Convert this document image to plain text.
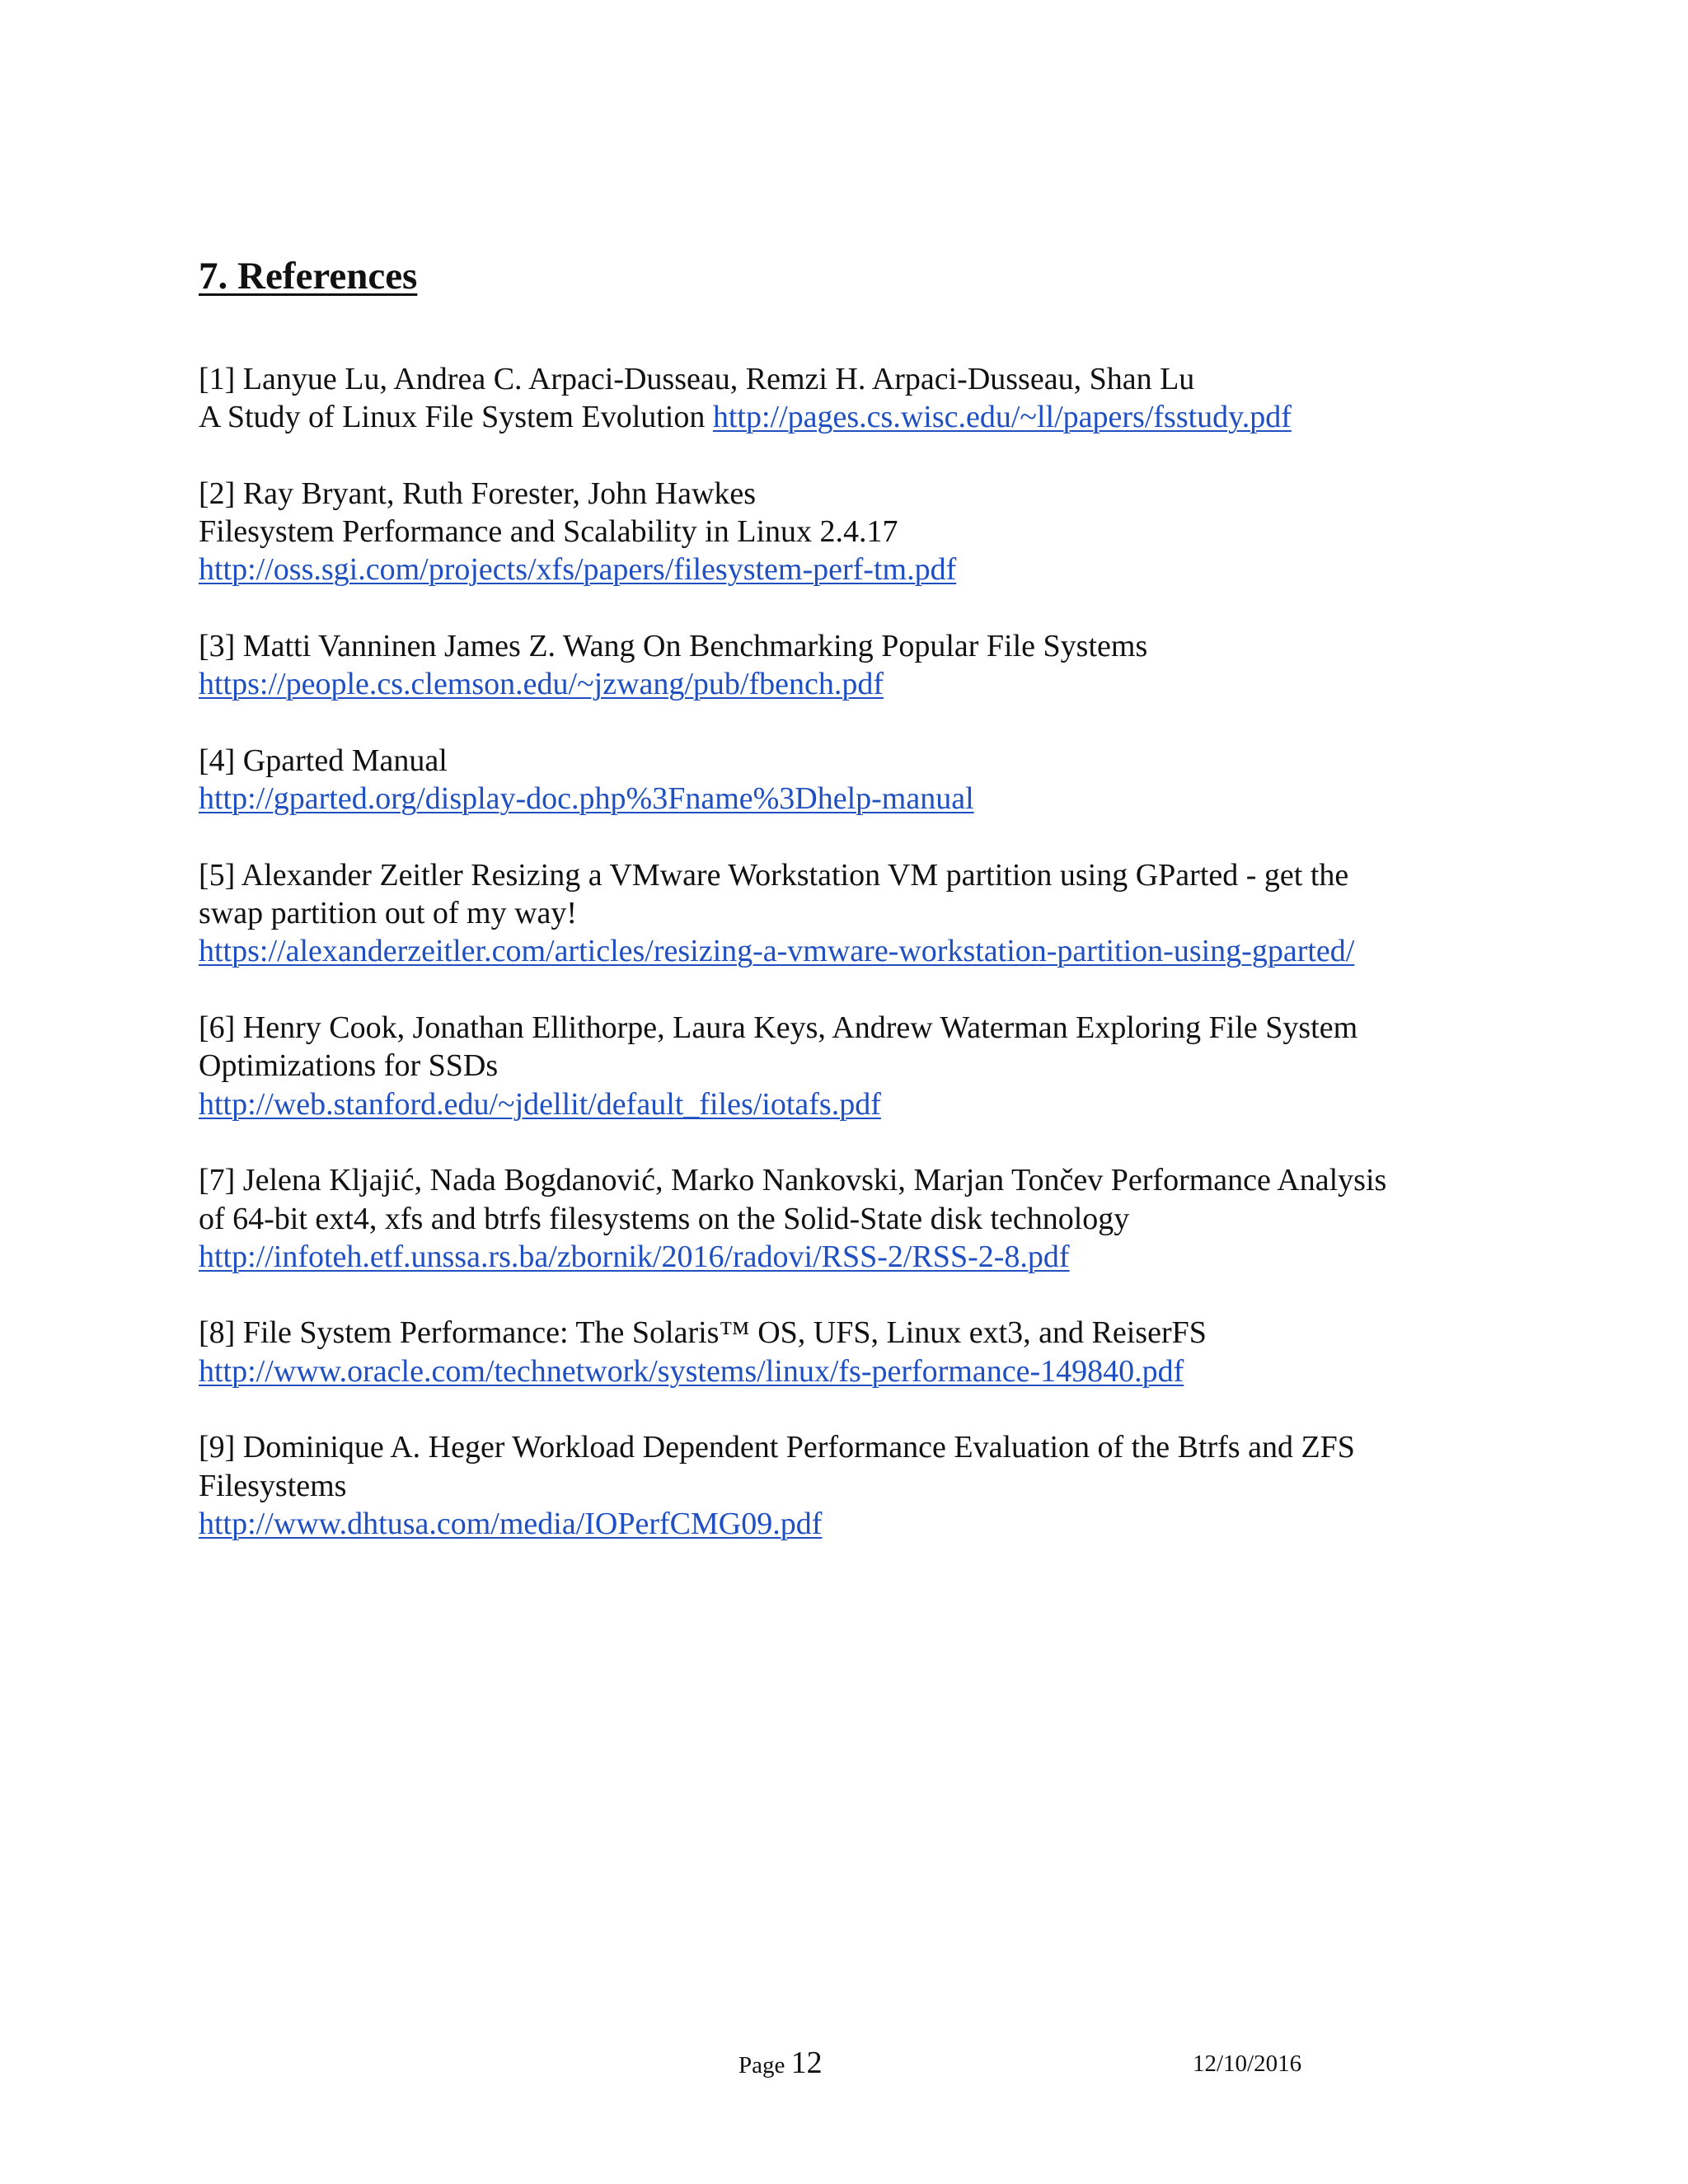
7. References
[1] Lanyue Lu, Andrea C. Arpaci-Dusseau, Remzi H. Arpaci-Dusseau, Shan Lu
A Study of Linux File System Evolution http://pages.cs.wisc.edu/~ll/papers/fsstudy.pdf
[2] Ray Bryant, Ruth Forester, John Hawkes
Filesystem Performance and Scalability in Linux 2.4.17
http://oss.sgi.com/projects/xfs/papers/filesystem-perf-tm.pdf
[3] Matti Vanninen James Z. Wang On Benchmarking Popular File Systems
https://people.cs.clemson.edu/~jzwang/pub/fbench.pdf
[4] Gparted Manual
http://gparted.org/display-doc.php%3Fname%3Dhelp-manual
[5] Alexander Zeitler Resizing a VMware Workstation VM partition using GParted - get the
swap partition out of my way!
https://alexanderzeitler.com/articles/resizing-a-vmware-workstation-partition-using-gparted/
[6] Henry Cook, Jonathan Ellithorpe, Laura Keys, Andrew Waterman Exploring File System
Optimizations for SSDs
http://web.stanford.edu/~jdellit/default_files/iotafs.pdf
[7] Jelena Kljajić, Nada Bogdanović, Marko Nankovski, Marjan Tončev Performance Analysis
of 64-bit ext4, xfs and btrfs filesystems on the Solid-State disk technology
http://infoteh.etf.unssa.rs.ba/zbornik/2016/radovi/RSS-2/RSS-2-8.pdf
[8] File System Performance: The Solaris™ OS, UFS, Linux ext3, and ReiserFS
http://www.oracle.com/technetwork/systems/linux/fs-performance-149840.pdf
[9] Dominique A. Heger Workload Dependent Performance Evaluation of the Btrfs and ZFS
Filesystems
http://www.dhtusa.com/media/IOPerfCMG09.pdf
Page 12	12/10/2016
